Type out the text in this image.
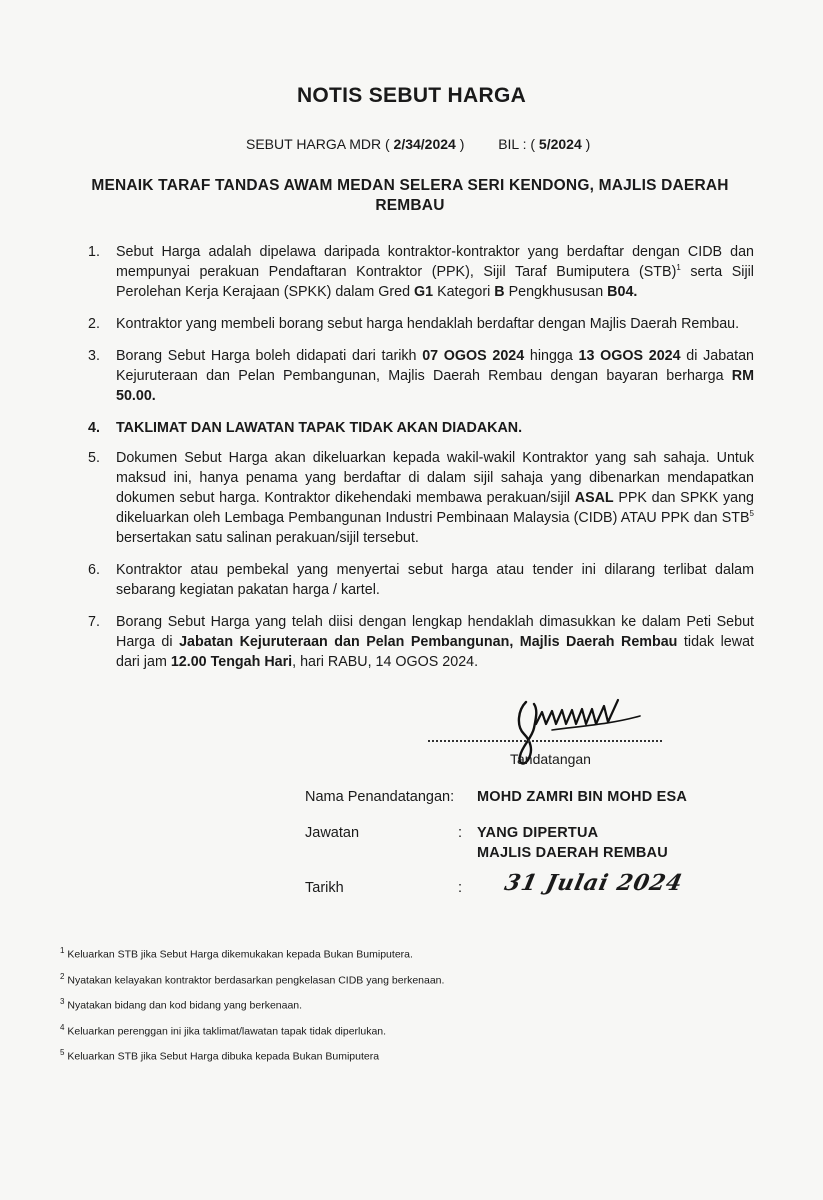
NOTIS SEBUT HARGA
SEBUT HARGA MDR ( 2/34/2024 ) BIL : ( 5/2024 )
MENAIK TARAF TANDAS AWAM MEDAN SELERA SERI KENDONG, MAJLIS DAERAH
REMBAU
1. Sebut Harga adalah dipelawa daripada kontraktor-kontraktor yang berdaftar dengan CIDB dan mempunyai perakuan Pendaftaran Kontraktor (PPK), Sijil Taraf Bumiputera (STB)$^1$ serta Sijil Perolehan Kerja Kerajaan (SPKK) dalam Gred G1 Kategori B Pengkhususan B04.
2. Kontraktor yang membeli borang sebut harga hendaklah berdaftar dengan Majlis Daerah Rembau.
3. Borang Sebut Harga boleh didapati dari tarikh 07 OGOS 2024 hingga 13 OGOS 2024 di Jabatan Kejuruteraan dan Pelan Pembangunan, Majlis Daerah Rembau dengan bayaran berharga RM 50.00.
4. TAKLIMAT DAN LAWATAN TAPAK TIDAK AKAN DIADAKAN.
5. Dokumen Sebut Harga akan dikeluarkan kepada wakil-wakil Kontraktor yang sah sahaja. Untuk maksud ini, hanya penama yang berdaftar di dalam sijil sahaja yang dibenarkan mendapatkan dokumen sebut harga. Kontraktor dikehendaki membawa perakuan/sijil ASAL PPK dan SPKK yang dikeluarkan oleh Lembaga Pembangunan Industri Pembinaan Malaysia (CIDB) ATAU PPK dan STB$^5$ bersertakan satu salinan perakuan/sijil tersebut.
6. Kontraktor atau pembekal yang menyertai sebut harga atau tender ini dilarang terlibat dalam sebarang kegiatan pakatan harga / kartel.
7. Borang Sebut Harga yang telah diisi dengan lengkap hendaklah dimasukkan ke dalam Peti Sebut Harga di Jabatan Kejuruteraan dan Pelan Pembangunan, Majlis Daerah Rembau tidak lewat dari jam 12.00 Tengah Hari, hari RABU, 14 OGOS 2024.
Tandatangan
Nama Penandatangan: MOHD ZAMRI BIN MOHD ESA
Jawatan	: YANG DIPERTUA
MAJLIS DAERAH REMBAU
Tarikh	: 31 Julai 2024
$^1$ Keluarkan STB jika Sebut Harga dikemukakan kepada Bukan Bumiputera.
$^2$ Nyatakan kelayakan kontraktor berdasarkan pengkelasan CIDB yang berkenaan.
$^3$ Nyatakan bidang dan kod bidang yang berkenaan.
$^4$ Keluarkan perenggan ini jika taklimat/lawatan tapak tidak diperlukan.
$^5$ Keluarkan STB jika Sebut Harga dibuka kepada Bukan Bumiputera
